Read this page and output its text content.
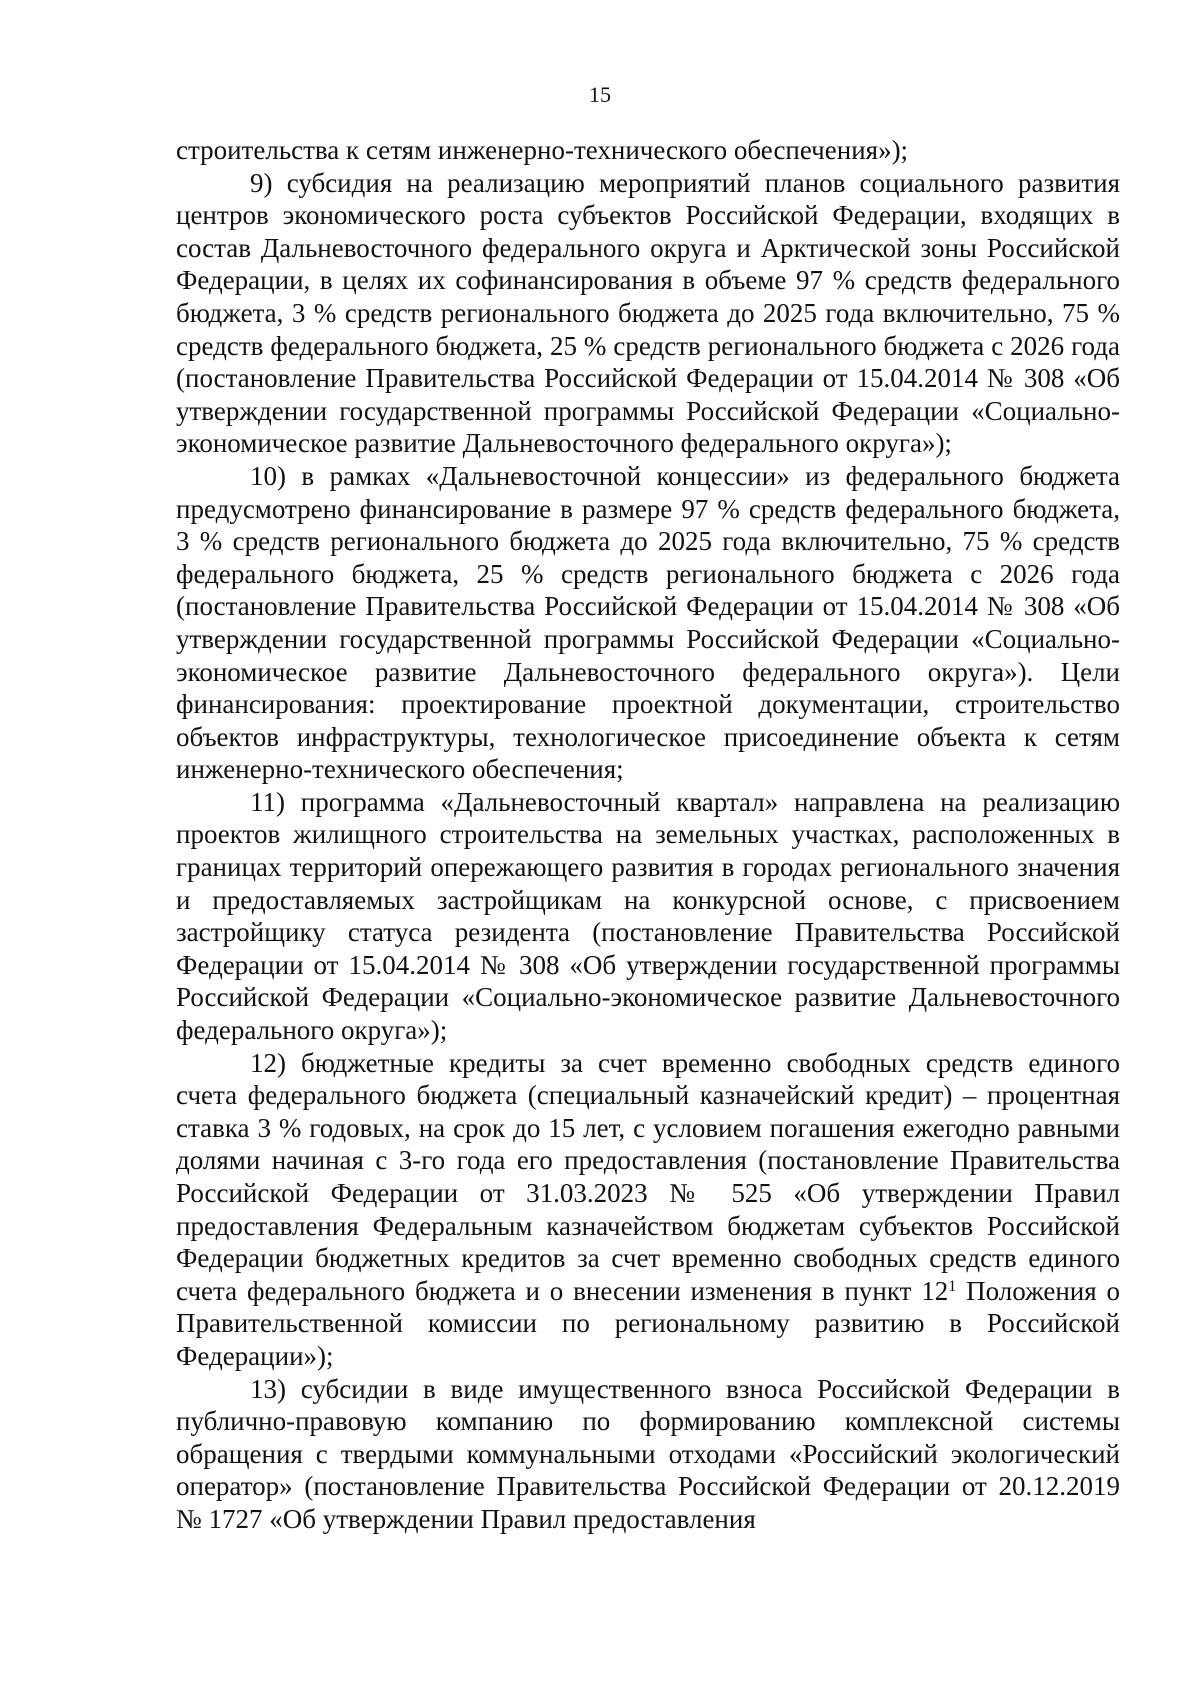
15

строительства к сетям инженерно-технического обеспечения»);

9) субсидия на реализацию мероприятий планов социального развития центров экономического роста субъектов Российской Федерации, входящих в состав Дальневосточного федерального округа и Арктической зоны Российской Федерации, в целях их софинансирования в объеме 97 % средств федерального бюджета, 3 % средств регионального бюджета до 2025 года включительно, 75 % средств федерального бюджета, 25 % средств регионального бюджета с 2026 года (постановление Правительства Российской Федерации от 15.04.2014 № 308 «Об утверждении государственной программы Российской Федерации «Социально-экономическое развитие Дальневосточного федерального округа»);

10) в рамках «Дальневосточной концессии» из федерального бюджета предусмотрено финансирование в размере 97 % средств федерального бюджета, 3 % средств регионального бюджета до 2025 года включительно, 75 % средств федерального бюджета, 25 % средств регионального бюджета с 2026 года (постановление Правительства Российской Федерации от 15.04.2014 № 308 «Об утверждении государственной программы Российской Федерации «Социально-экономическое развитие Дальневосточного федерального округа»). Цели финансирования: проектирование проектной документации, строительство объектов инфраструктуры, технологическое присоединение объекта к сетям инженерно-технического обеспечения;

11) программа «Дальневосточный квартал» направлена на реализацию проектов жилищного строительства на земельных участках, расположенных в границах территорий опережающего развития в городах регионального значения и предоставляемых застройщикам на конкурсной основе, с присвоением застройщику статуса резидента (постановление Правительства Российской Федерации от 15.04.2014 № 308 «Об утверждении государственной программы Российской Федерации «Социально-экономическое развитие Дальневосточного федерального округа»);

12) бюджетные кредиты за счет временно свободных средств единого счета федерального бюджета (специальный казначейский кредит) – процентная ставка 3 % годовых, на срок до 15 лет, с условием погашения ежегодно равными долями начиная с 3-го года его предоставления (постановление Правительства Российской Федерации от 31.03.2023 № 525 «Об утверждении Правил предоставления Федеральным казначейством бюджетам субъектов Российской Федерации бюджетных кредитов за счет временно свободных средств единого счета федерального бюджета и о внесении изменения в пункт $12^1$ Положения о Правительственной комиссии по региональному развитию в Российской Федерации»);

13) субсидии в виде имущественного взноса Российской Федерации в публично-правовую компанию по формированию комплексной системы обращения с твердыми коммунальными отходами «Российский экологический оператор» (постановление Правительства Российской Федерации от 20.12.2019 № 1727 «Об утверждении Правил предоставления
